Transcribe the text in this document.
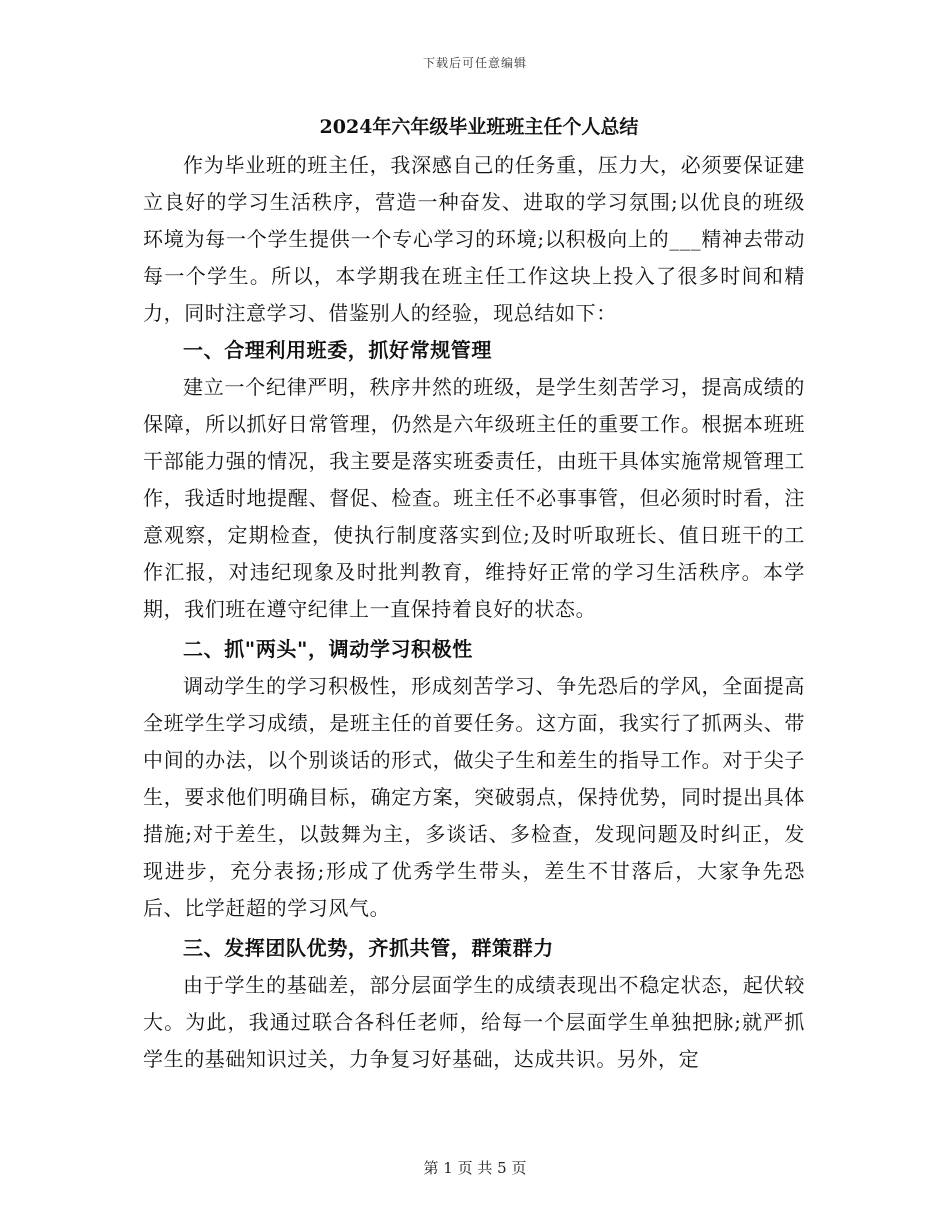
下载后可任意编辑
2024年六年级毕业班班主任个人总结

作为毕业班的班主任，我深感自己的任务重，压力大，必须要保证建立良好的学习生活秩序，营造一种奋发、进取的学习氛围;以优良的班级环境为每一个学生提供一个专心学习的环境;以积极向上的___精神去带动每一个学生。所以，本学期我在班主任工作这块上投入了很多时间和精力，同时注意学习、借鉴别人的经验，现总结如下：

一、合理利用班委，抓好常规管理

建立一个纪律严明，秩序井然的班级，是学生刻苦学习，提高成绩的保障，所以抓好日常管理，仍然是六年级班主任的重要工作。根据本班班干部能力强的情况，我主要是落实班委责任，由班干具体实施常规管理工作，我适时地提醒、督促、检查。班主任不必事事管，但必须时时看，注意观察，定期检查，使执行制度落实到位;及时听取班长、值日班干的工作汇报，对违纪现象及时批判教育，维持好正常的学习生活秩序。本学期，我们班在遵守纪律上一直保持着良好的状态。

二、抓"两头"，调动学习积极性

调动学生的学习积极性，形成刻苦学习、争先恐后的学风，全面提高全班学生学习成绩，是班主任的首要任务。这方面，我实行了抓两头、带中间的办法，以个别谈话的形式，做尖子生和差生的指导工作。对于尖子生，要求他们明确目标，确定方案，突破弱点，保持优势，同时提出具体措施;对于差生，以鼓舞为主，多谈话、多检查，发现问题及时纠正，发现进步，充分表扬;形成了优秀学生带头，差生不甘落后，大家争先恐后、比学赶超的学习风气。

三、发挥团队优势，齐抓共管，群策群力

由于学生的基础差，部分层面学生的成绩表现出不稳定状态，起伏较大。为此，我通过联合各科任老师，给每一个层面学生单独把脉;就严抓学生的基础知识过关，力争复习好基础，达成共识。另外，定

第 1 页 共 5 页
